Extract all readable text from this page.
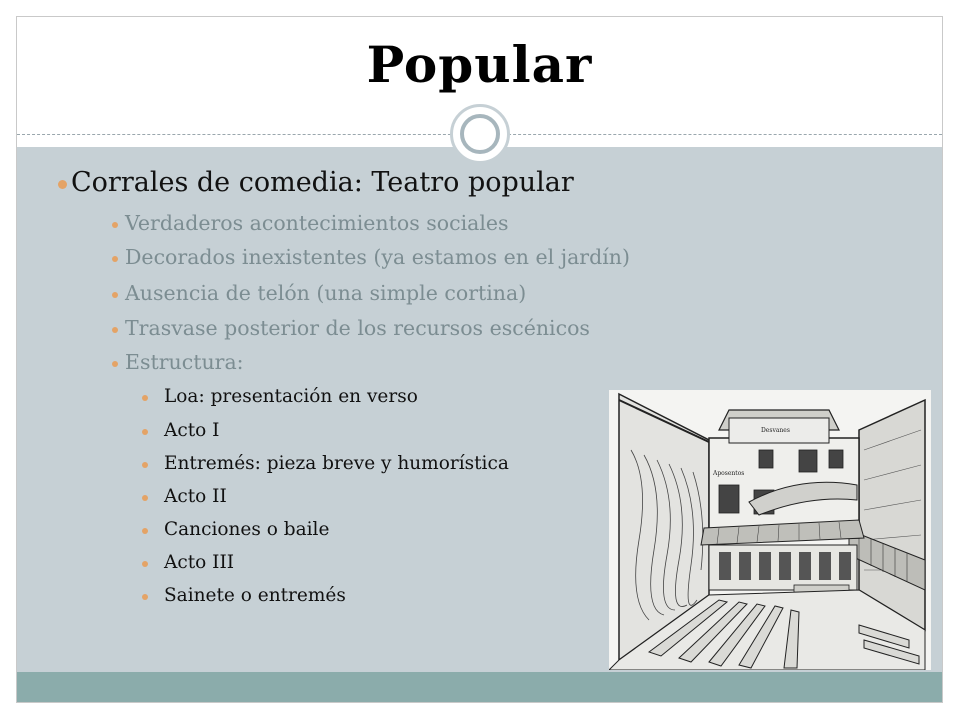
Popular
Corrales de comedia: Teatro popular
Verdaderos acontecimientos sociales
Decorados inexistentes (ya estamos en el jardín)
Ausencia de telón (una simple cortina)
Trasvase posterior de los recursos escénicos
Estructura:
Loa: presentación en verso
Acto I
Entremés: pieza breve y humorística
Acto II
Canciones o baile
Acto III
Sainete o entremés
Desvanes
Aposentos
